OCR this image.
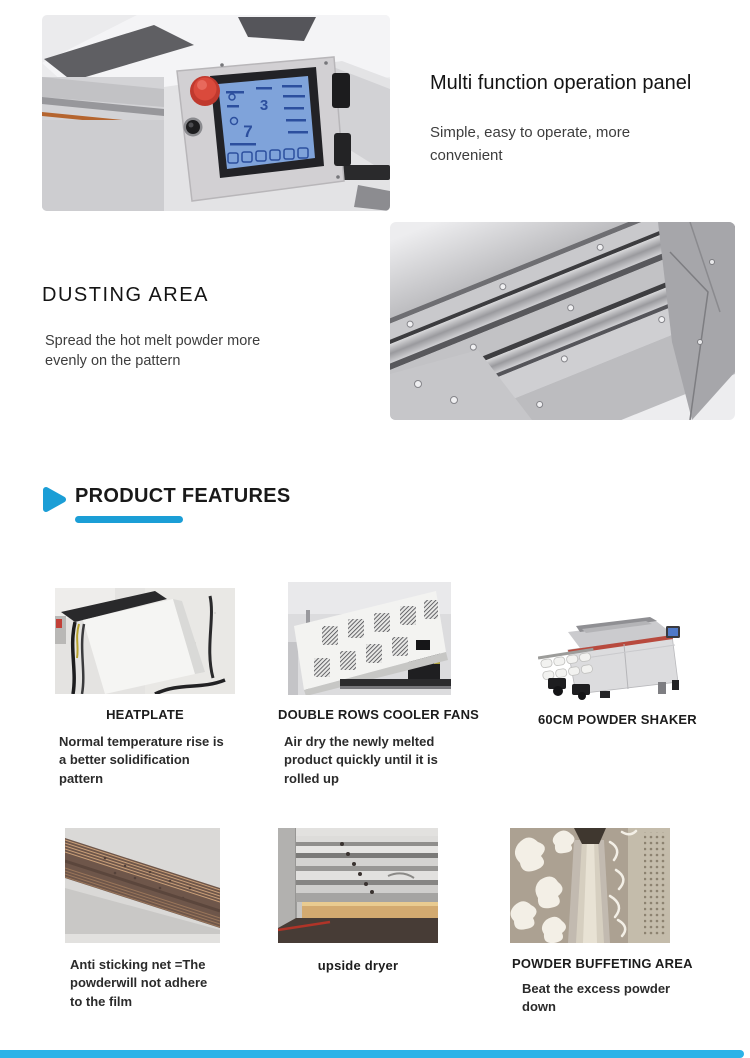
3
7
Multi function operation panel

Simple, easy to operate, more convenient

DUSTING AREA

Spread the hot melt powder more evenly on the pattern

PRODUCT FEATURES
HEATPLATE
Normal temperature rise is a better solidification pattern
DOUBLE ROWS COOLER FANS
Air dry the newly melted product quickly until it is rolled up
60CM POWDER SHAKER
Anti sticking net =The powderwill not adhere to the film
upside dryer	POWDER BUFFETING AREA
Beat the excess powder down
